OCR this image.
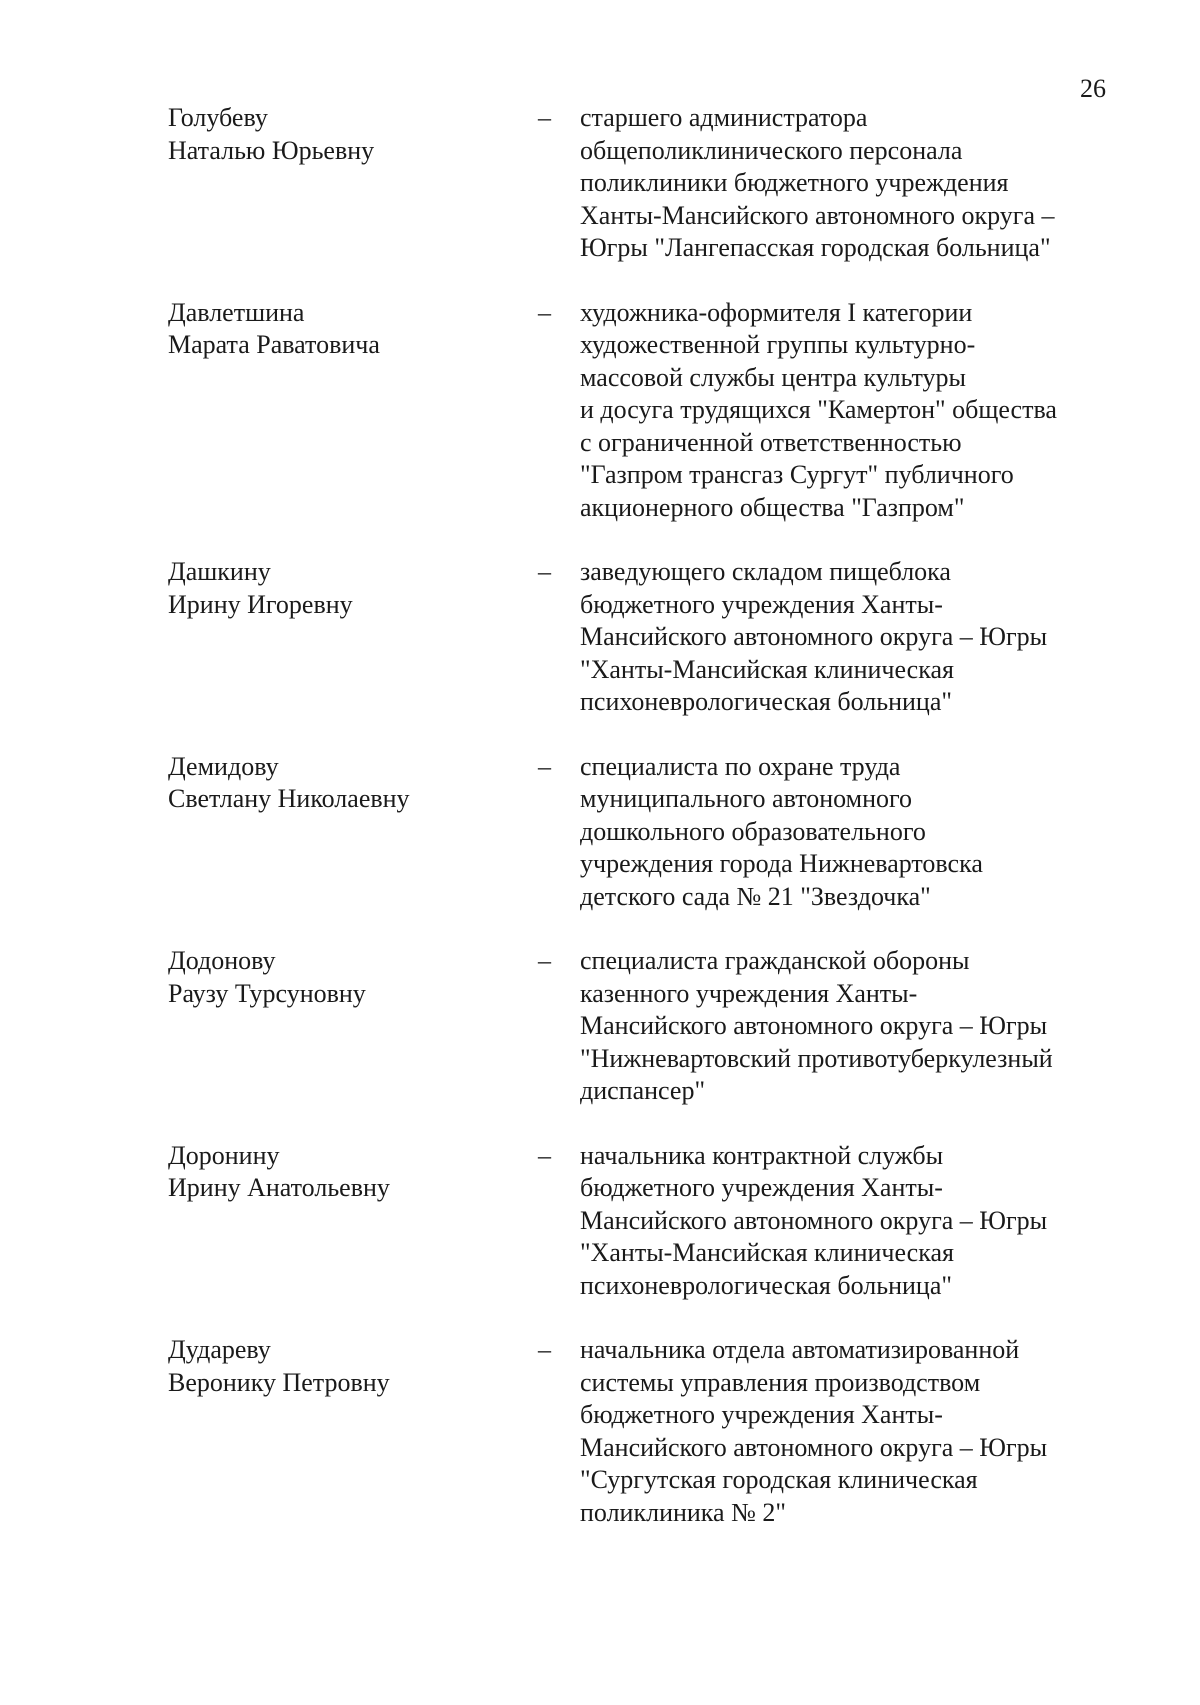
26
Голубеву
Наталью Юрьевну
–	старшего администратора
общеполиклинического персонала
поликлиники бюджетного учреждения
Ханты-Мансийского автономного округа –
Югры "Лангепасская городская больница"
Давлетшина
Марата Раватовича
–	художника-оформителя I категории
художественной группы культурно-
массовой службы центра культуры
и досуга трудящихся "Камертон" общества
с ограниченной ответственностью
"Газпром трансгаз Сургут" публичного
акционерного общества "Газпром"
Дашкину
Ирину Игоревну
–	заведующего складом пищеблока
бюджетного учреждения Ханты-
Мансийского автономного округа – Югры
"Ханты-Мансийская клиническая
психоневрологическая больница"
Демидову
Светлану Николаевну
–	специалиста по охране труда
муниципального автономного
дошкольного образовательного
учреждения города Нижневартовска
детского сада № 21 "Звездочка"
Додонову
Раузу Турсуновну
–	специалиста гражданской обороны
казенного учреждения Ханты-
Мансийского автономного округа – Югры
"Нижневартовский противотуберкулезный
диспансер"
Доронину
Ирину Анатольевну
–	начальника контрактной службы
бюджетного учреждения Ханты-
Мансийского автономного округа – Югры
"Ханты-Мансийская клиническая
психоневрологическая больница"
Дудареву
Веронику Петровну
–	начальника отдела автоматизированной
системы управления производством
бюджетного учреждения Ханты-
Мансийского автономного округа – Югры
"Сургутская городская клиническая
поликлиника № 2"
